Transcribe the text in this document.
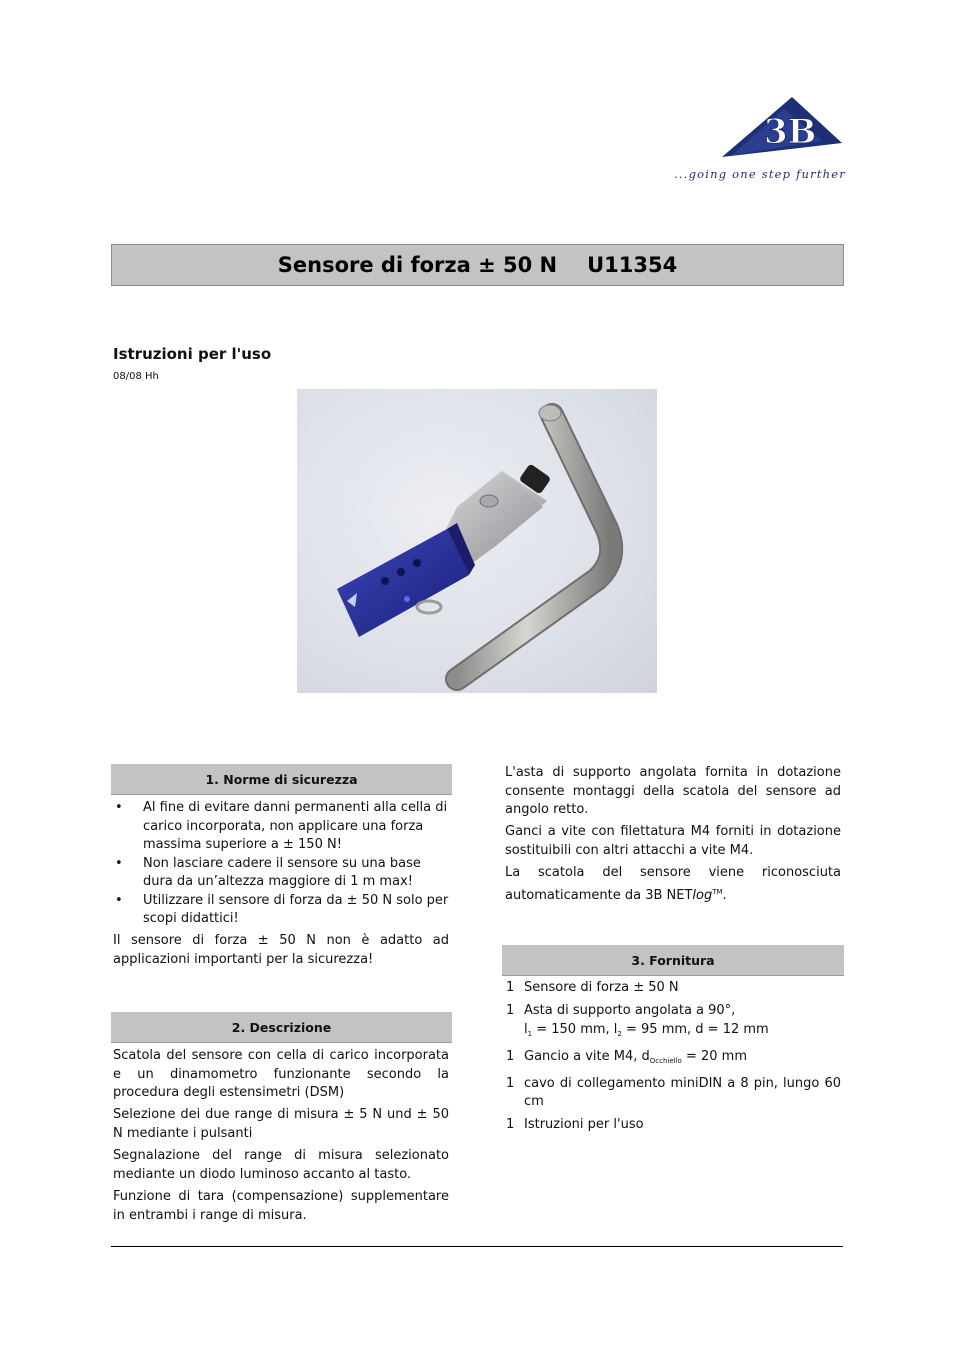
3B ®
...going one step further
Sensore di forza ± 50 N U11354
Istruzioni per l'uso
08/08 Hh
1. Norme di sicurezza
• Al fine di evitare danni permanenti alla cella di carico incorporata, non applicare una forza massima superiore a ± 150 N!
• Non lasciare cadere il sensore su una base dura da un’altezza maggiore di 1 m max!
• Utilizzare il sensore di forza da ± 50 N solo per scopi didattici!
Il sensore di forza ± 50 N non è adatto ad applicazioni importanti per la sicurezza!
2. Descrizione
Scatola del sensore con cella di carico incorporata e un dinamometro funzionante secondo la procedura degli estensimetri (DSM)
Selezione dei due range di misura ± 5 N und ± 50 N mediante i pulsanti
Segnalazione del range di misura selezionato mediante un diodo luminoso accanto al tasto.
Funzione di tara (compensazione) supplementare in entrambi i range di misura.
L'asta di supporto angolata fornita in dotazione consente montaggi della scatola del sensore ad angolo retto.
Ganci a vite con filettatura M4 forniti in dotazione sostituibili con altri attacchi a vite M4.
La scatola del sensore viene riconosciuta automaticamente da 3B NETlog™.
3. Fornitura
1 Sensore di forza ± 50 N
1 Asta di supporto angolata a 90°,
$l_1 = 150$ mm, $l_2 = 95$ mm, d = 12 mm
1 Gancio a vite M4, $d_{Occhiello} = 20$ mm
1 cavo di collegamento miniDIN a 8 pin, lungo 60 cm
1 Istruzioni per l'uso
